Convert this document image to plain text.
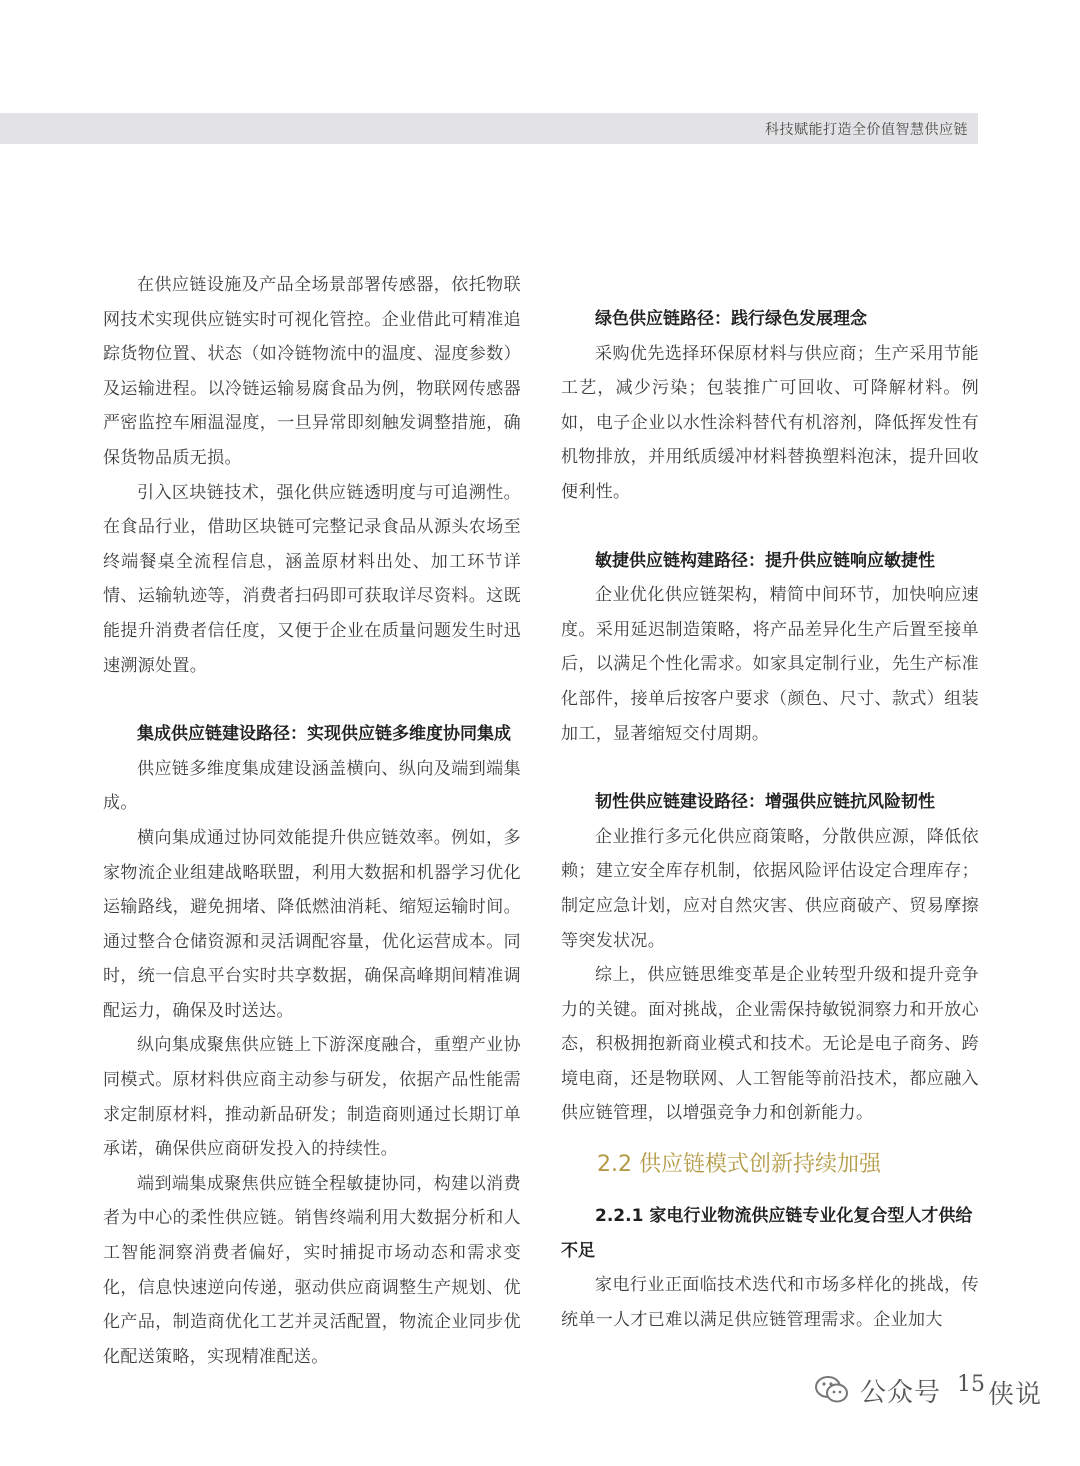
科技赋能打造全价值智慧供应链

在供应链设施及产品全场景部署传感器，依托物联网技术实现供应链实时可视化管控。企业借此可精准追踪货物位置、状态（如冷链物流中的温度、湿度参数）及运输进程。以冷链运输易腐食品为例，物联网传感器严密监控车厢温湿度，一旦异常即刻触发调整措施，确保货物品质无损。

引入区块链技术，强化供应链透明度与可追溯性。在食品行业，借助区块链可完整记录食品从源头农场至终端餐桌全流程信息，涵盖原材料出处、加工环节详情、运输轨迹等，消费者扫码即可获取详尽资料。这既能提升消费者信任度，又便于企业在质量问题发生时迅速溯源处置。

集成供应链建设路径：实现供应链多维度协同集成

供应链多维度集成建设涵盖横向、纵向及端到端集成。

横向集成通过协同效能提升供应链效率。例如，多家物流企业组建战略联盟，利用大数据和机器学习优化运输路线，避免拥堵、降低燃油消耗、缩短运输时间。通过整合仓储资源和灵活调配容量，优化运营成本。同时，统一信息平台实时共享数据，确保高峰期间精准调配运力，确保及时送达。

纵向集成聚焦供应链上下游深度融合，重塑产业协同模式。原材料供应商主动参与研发，依据产品性能需求定制原材料，推动新品研发；制造商则通过长期订单承诺，确保供应商研发投入的持续性。

端到端集成聚焦供应链全程敏捷协同，构建以消费者为中心的柔性供应链。销售终端利用大数据分析和人工智能洞察消费者偏好，实时捕捉市场动态和需求变化，信息快速逆向传递，驱动供应商调整生产规划、优化产品，制造商优化工艺并灵活配置，物流企业同步优化配送策略，实现精准配送。

绿色供应链路径：践行绿色发展理念

采购优先选择环保原材料与供应商；生产采用节能工艺，减少污染；包装推广可回收、可降解材料。例如，电子企业以水性涂料替代有机溶剂，降低挥发性有机物排放，并用纸质缓冲材料替换塑料泡沫，提升回收便利性。

敏捷供应链构建路径：提升供应链响应敏捷性

企业优化供应链架构，精简中间环节，加快响应速度。采用延迟制造策略，将产品差异化生产后置至接单后，以满足个性化需求。如家具定制行业，先生产标准化部件，接单后按客户要求（颜色、尺寸、款式）组装加工，显著缩短交付周期。

韧性供应链建设路径：增强供应链抗风险韧性

企业推行多元化供应商策略，分散供应源，降低依赖；建立安全库存机制，依据风险评估设定合理库存；制定应急计划，应对自然灾害、供应商破产、贸易摩擦等突发状况。

综上，供应链思维变革是企业转型升级和提升竞争力的关键。面对挑战，企业需保持敏锐洞察力和开放心态，积极拥抱新商业模式和技术。无论是电子商务、跨境电商，还是物联网、人工智能等前沿技术，都应融入供应链管理，以增强竞争力和创新能力。

2.2 供应链模式创新持续加强

2.2.1 家电行业物流供应链专业化复合型人才供给不足

家电行业正面临技术迭代和市场多样化的挑战，传统单一人才已难以满足供应链管理需求。企业加大

公众号 15 侠说
